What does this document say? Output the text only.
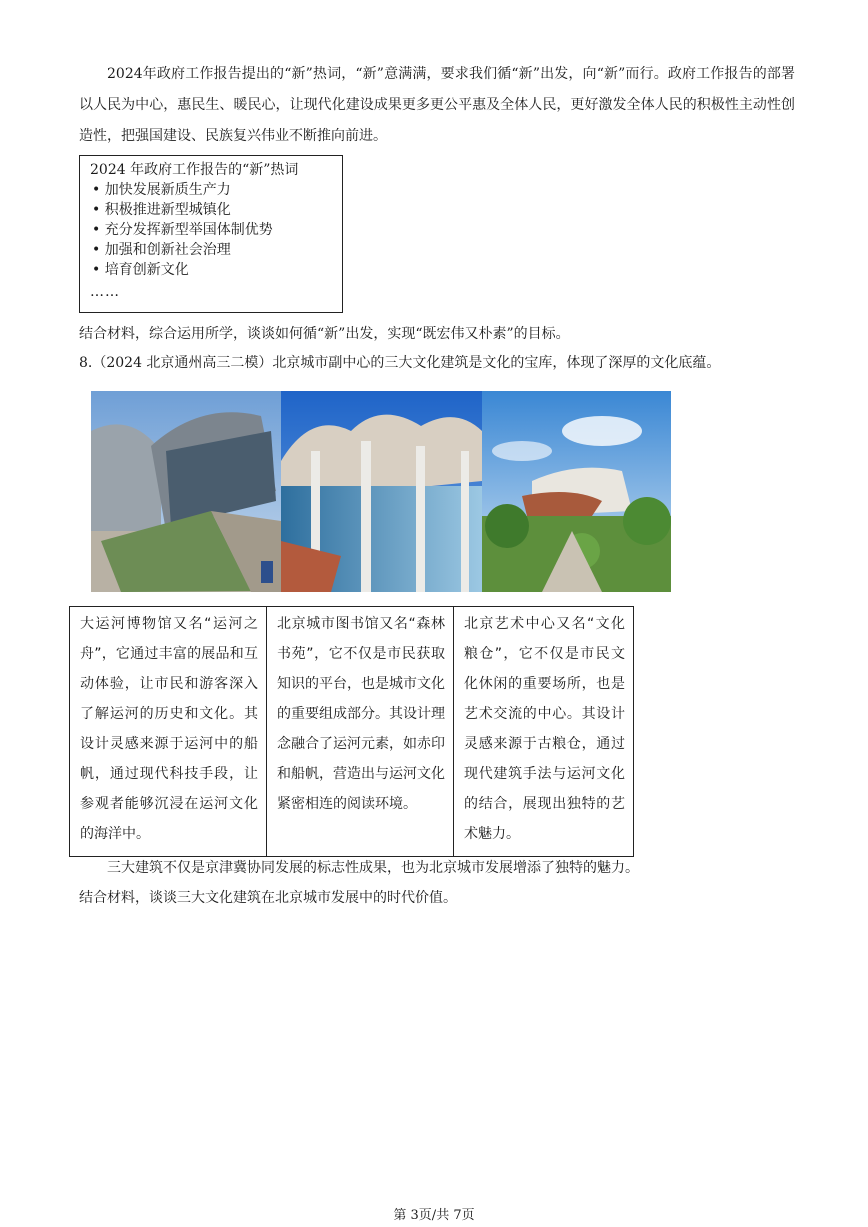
2024年政府工作报告提出的“新”热词，“新”意满满，要求我们循“新”出发，向“新”而行。政府工作报告的部署以人民为中心，惠民生、暖民心，让现代化建设成果更多更公平惠及全体人民，更好激发全体人民的积极性主动性创造性，把强国建设、民族复兴伟业不断推向前进。
2024 年政府工作报告的“新”热词
• 加快发展新质生产力
• 积极推进新型城镇化
• 充分发挥新型举国体制优势
• 加强和创新社会治理
• 培育创新文化
……
结合材料，综合运用所学，谈谈如何循“新”出发，实现“既宏伟又朴素”的目标。
8.（2024 北京通州高三二模）北京城市副中心的三大文化建筑是文化的宝库，体现了深厚的文化底蕴。
大运河博物馆又名“运河之舟”，它通过丰富的展品和互动体验，让市民和游客深入了解运河的历史和文化。其设计灵感来源于运河中的船帆，通过现代科技手段，让参观者能够沉浸在运河文化的海洋中。	北京城市图书馆又名“森林书苑”，它不仅是市民获取知识的平台，也是城市文化的重要组成部分。其设计理念融合了运河元素，如赤印和船帆，营造出与运河文化紧密相连的阅读环境。	北京艺术中心又名“文化粮仓”，它不仅是市民文化休闲的重要场所，也是艺术交流的中心。其设计灵感来源于古粮仓，通过现代建筑手法与运河文化的结合，展现出独特的艺术魅力。
三大建筑不仅是京津冀协同发展的标志性成果，也为北京城市发展增添了独特的魅力。
结合材料，谈谈三大文化建筑在北京城市发展中的时代价值。
第 3页/共 7页
